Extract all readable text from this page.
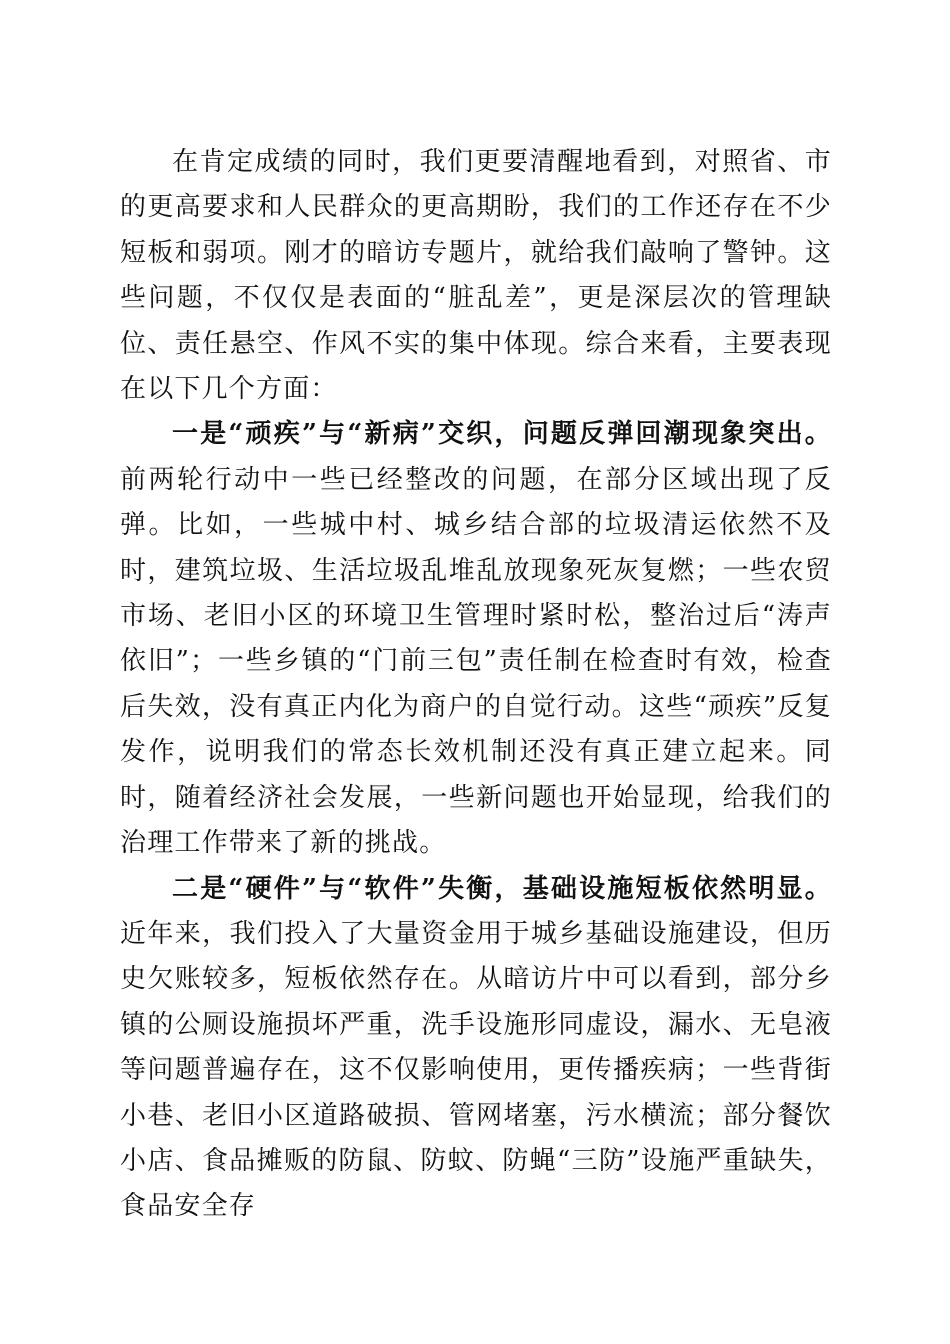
在肯定成绩的同时，我们更要清醒地看到，对照省、市的更高要求和人民群众的更高期盼，我们的工作还存在不少短板和弱项。刚才的暗访专题片，就给我们敲响了警钟。这些问题，不仅仅是表面的“脏乱差”，更是深层次的管理缺位、责任悬空、作风不实的集中体现。综合来看，主要表现在以下几个方面：

一是“顽疾”与“新病”交织，问题反弹回潮现象突出。前两轮行动中一些已经整改的问题，在部分区域出现了反弹。比如，一些城中村、城乡结合部的垃圾清运依然不及时，建筑垃圾、生活垃圾乱堆乱放现象死灰复燃；一些农贸市场、老旧小区的环境卫生管理时紧时松，整治过后“涛声依旧”；一些乡镇的“门前三包”责任制在检查时有效，检查后失效，没有真正内化为商户的自觉行动。这些“顽疾”反复发作，说明我们的常态长效机制还没有真正建立起来。同时，随着经济社会发展，一些新问题也开始显现，给我们的治理工作带来了新的挑战。

二是“硬件”与“软件”失衡，基础设施短板依然明显。近年来，我们投入了大量资金用于城乡基础设施建设，但历史欠账较多，短板依然存在。从暗访片中可以看到，部分乡镇的公厕设施损坏严重，洗手设施形同虚设，漏水、无皂液等问题普遍存在，这不仅影响使用，更传播疾病；一些背街小巷、老旧小区道路破损、管网堵塞，污水横流；部分餐饮小店、食品摊贩的防鼠、防蚊、防蝇“三防”设施严重缺失，食品安全存
